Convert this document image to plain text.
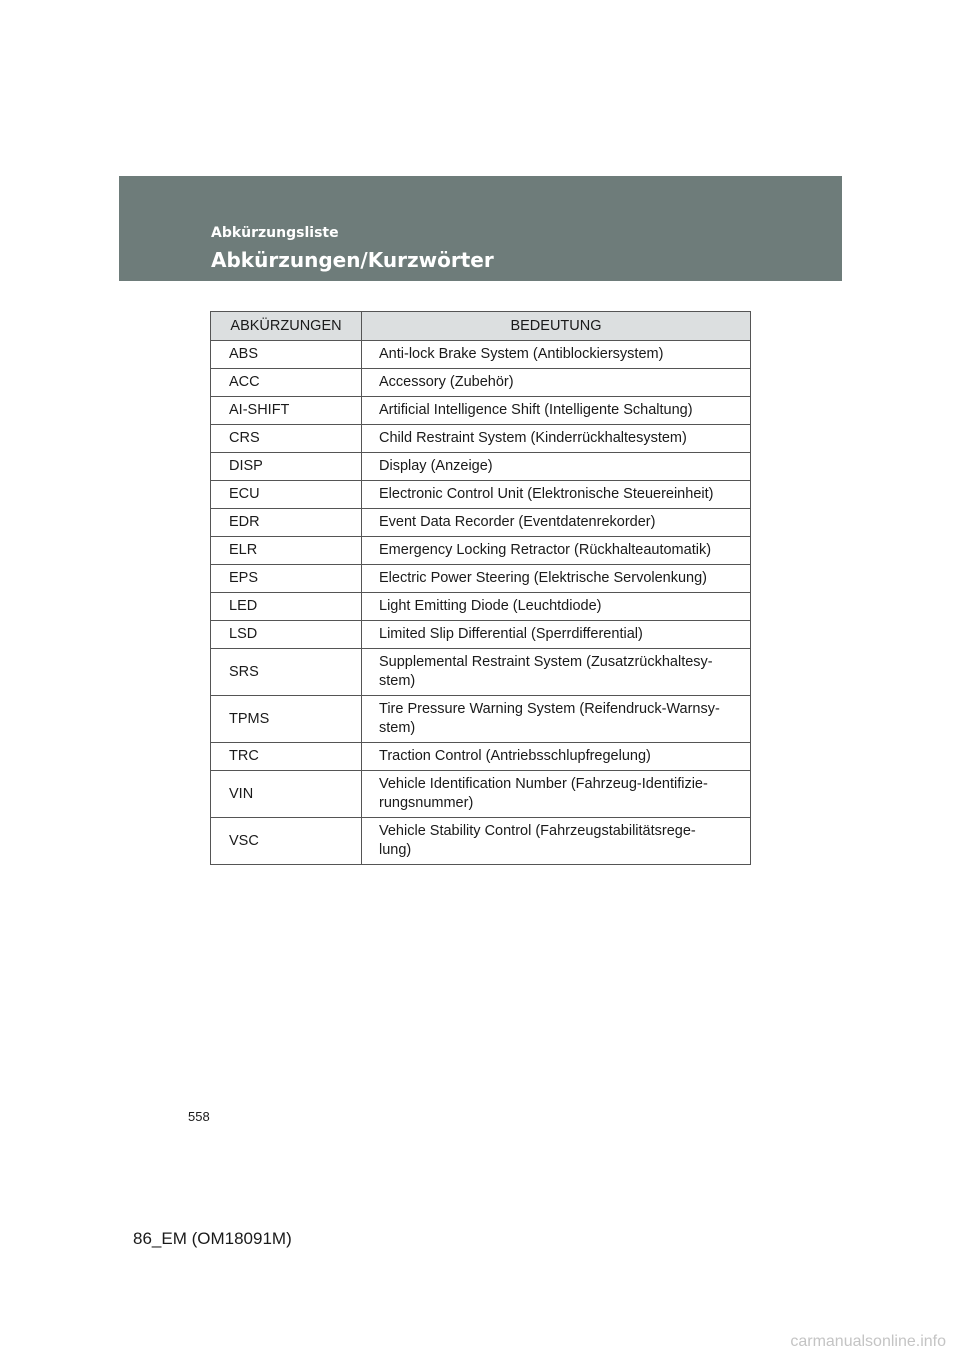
Abkürzungsliste
Abkürzungen/Kurzwörter
ABKÜRZUNGEN	BEDEUTUNG
ABS	Anti-lock Brake System (Antiblockiersystem)
ACC	Accessory (Zubehör)
AI-SHIFT	Artificial Intelligence Shift (Intelligente Schaltung)
CRS	Child Restraint System (Kinderrückhaltesystem)
DISP	Display (Anzeige)
ECU	Electronic Control Unit (Elektronische Steuereinheit)
EDR	Event Data Recorder (Eventdatenrekorder)
ELR	Emergency Locking Retractor (Rückhalteautomatik)
EPS	Electric Power Steering (Elektrische Servolenkung)
LED	Light Emitting Diode (Leuchtdiode)
LSD	Limited Slip Differential (Sperrdifferential)
SRS	Supplemental Restraint System (Zusatzrückhaltesy-
stem)
TPMS	Tire Pressure Warning System (Reifendruck-Warnsy-
stem)
TRC	Traction Control (Antriebsschlupfregelung)
VIN	Vehicle Identification Number (Fahrzeug-Identifizie-
rungsnummer)
VSC	Vehicle Stability Control (Fahrzeugstabilitätsrege-
lung)
558
86_EM (OM18091M)
carmanualsonline.info
